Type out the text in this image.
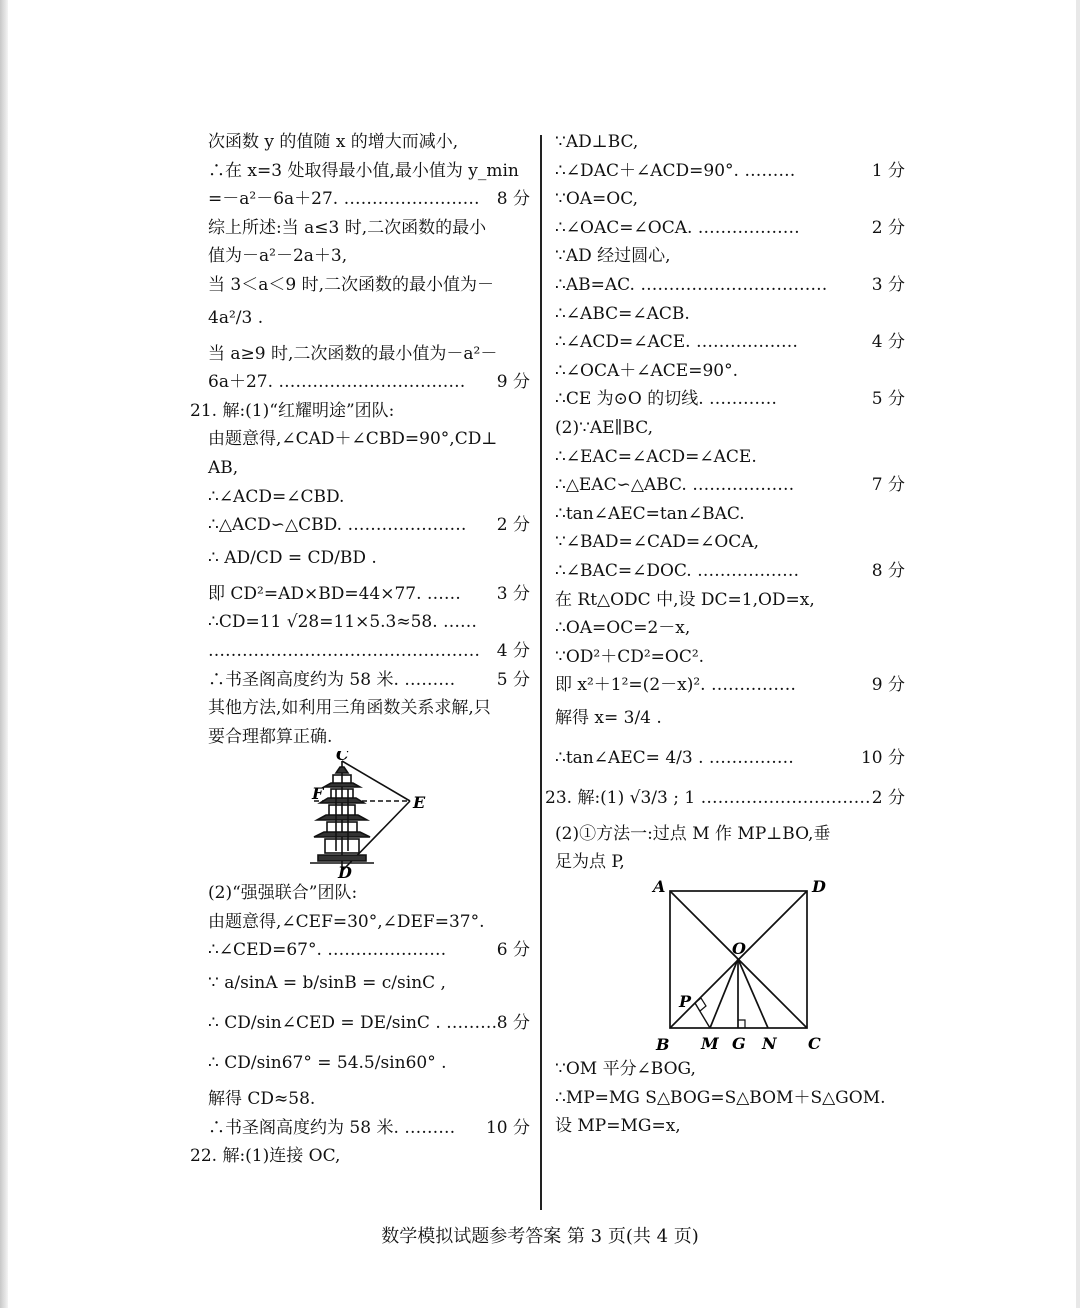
次函数 y 的值随 x 的增大而减小,
∴在 x=3 处取得最小值,最小值为 y_min
=－a²－6a＋27. …………………… 8 分
综上所述:当 a≤3 时,二次函数的最小
值为－a²－2a＋3,
当 3＜a＜9 时,二次函数的最小值为－
4a²/3 .
当 a≥9 时,二次函数的最小值为－a²－
6a＋27. …………………………… 9 分
21. 解:(1)“红耀明途”团队:
由题意得,∠CAD＋∠CBD=90°,CD⊥
AB,
∴∠ACD=∠CBD.
∴△ACD∽△CBD. ………………… 2 分
∴ AD/CD = CD/BD .
即 CD²=AD×BD=44×77. …… 3 分
∴CD=11 √28=11×5.3≈58. ……
………………………………………… 4 分
∴书圣阁高度约为 58 米. ……… 5 分
其他方法,如利用三角函数关系求解,只
要合理都算正确.
C
F	E
D
(2)“强强联合”团队:
由题意得,∠CEF=30°,∠DEF=37°.
∴∠CED=67°. …………………	6 分
∵ a/sinA = b/sinB = c/sinC ,
∴ CD/sin∠CED = DE/sinC . ……… 8 分
∴ CD/sin67° = 54.5/sin60° .
解得 CD≈58.
∴书圣阁高度约为 58 米. ……… 10 分
22. 解:(1)连接 OC,
∵AD⊥BC,
∴∠DAC＋∠ACD=90°. ………	1 分
∵OA=OC,
∴∠OAC=∠OCA. ………………	2 分
∵AD 经过圆心,
∴AB=AC. ……………………………	3 分
∴∠ABC=∠ACB.
∴∠ACD=∠ACE. ………………	4 分
∴∠OCA＋∠ACE=90°.
∴CE 为⊙O 的切线. …………	5 分
(2)∵AE∥BC,
∴∠EAC=∠ACD=∠ACE.
∴△EAC∽△ABC. ………………	7 分
∴tan∠AEC=tan∠BAC.
∵∠BAD=∠CAD=∠OCA,
∴∠BAC=∠DOC. ………………	8 分
在 Rt△ODC 中,设 DC=1,OD=x,
∴OA=OC=2－x,
∵OD²＋CD²=OC².
即 x²＋1²=(2－x)². ……………	9 分
解得 x= 3/4 .
∴tan∠AEC= 4/3 . ……………	10 分
23. 解:(1) √3/3 ; 1 ………………………… 2 分
(2)①方法一:过点 M 作 MP⊥BO,垂
足为点 P,
A	D
O
P
B M G N C
∵OM 平分∠BOG,
∴MP=MG S△BOG=S△BOM＋S△GOM.
设 MP=MG=x,
数学模拟试题参考答案 第 3 页(共 4 页)
